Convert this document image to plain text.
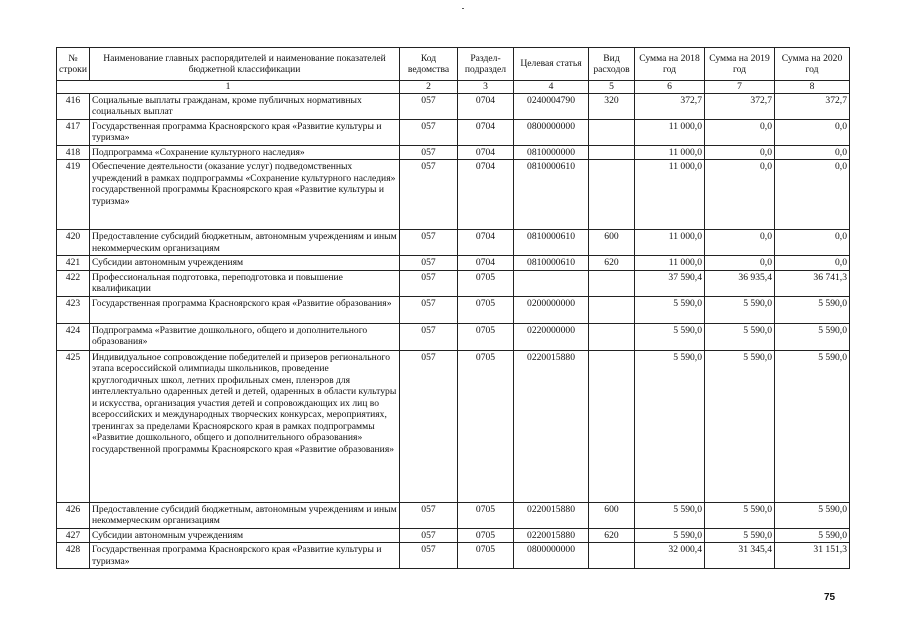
№ строки	Наименование главных распорядителей и наименование показателей бюджетной классификации	Код ведомства	Раздел-подраздел	Целевая статья	Вид расходов	Сумма на 2018 год	Сумма на 2019 год	Сумма на 2020 год
1		2	3	4	5	6	7	8
416	Социальные выплаты гражданам, кроме публичных нормативных социальных выплат	057	0704	0240004790	320	372,7	372,7	372,7
417	Государственная программа Красноярского края «Развитие культуры и туризма»	057	0704	0800000000		11 000,0	0,0	0,0
418	Подпрограмма «Сохранение культурного наследия»	057	0704	0810000000		11 000,0	0,0	0,0
419	Обеспечение деятельности (оказание услуг) подведомственных учреждений в рамках подпрограммы «Сохранение культурного наследия» государственной программы Красноярского края «Развитие культуры и туризма»	057	0704	0810000610		11 000,0	0,0	0,0
420	Предоставление субсидий бюджетным, автономным учреждениям и иным некоммерческим организациям	057	0704	0810000610	600	11 000,0	0,0	0,0
421	Субсидии автономным учреждениям	057	0704	0810000610	620	11 000,0	0,0	0,0
422	Профессиональная подготовка, переподготовка и повышение квалификации	057	0705			37 590,4	36 935,4	36 741,3
423	Государственная программа Красноярского края «Развитие образования»	057	0705	0200000000		5 590,0	5 590,0	5 590,0
424	Подпрограмма «Развитие дошкольного, общего и дополнительного образования»	057	0705	0220000000		5 590,0	5 590,0	5 590,0
425	Индивидуальное сопровождение победителей и призеров регионального этапа всероссийской олимпиады школьников, проведение круглогодичных школ, летних профильных смен, пленэров для интеллектуально одаренных детей и детей, одаренных в области культуры и искусства, организация участия детей и сопровождающих их лиц во всероссийских и международных творческих конкурсах, мероприятиях, тренингах за пределами Красноярского края в рамках подпрограммы «Развитие дошкольного, общего и дополнительного образования» государственной программы Красноярского края «Развитие образования»	057	0705	0220015880		5 590,0	5 590,0	5 590,0
426	Предоставление субсидий бюджетным, автономным учреждениям и иным некоммерческим организациям	057	0705	0220015880	600	5 590,0	5 590,0	5 590,0
427	Субсидии автономным учреждениям	057	0705	0220015880	620	5 590,0	5 590,0	5 590,0
428	Государственная программа Красноярского края «Развитие культуры и туризма»	057	0705	0800000000		32 000,4	31 345,4	31 151,3
75
